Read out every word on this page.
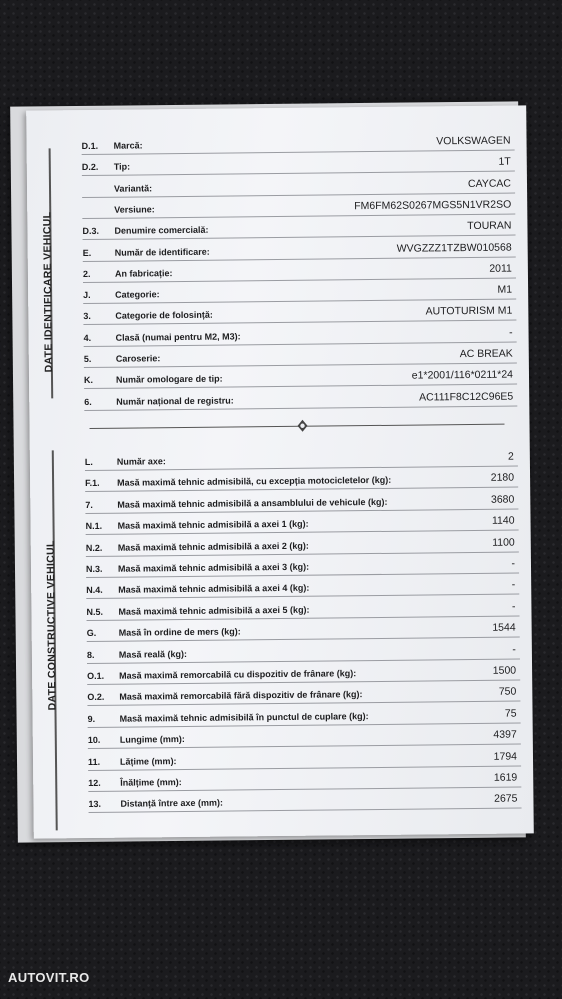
DATE IDENTIFICARE VEHICUL
D.1. Marcă:	VOLKSWAGEN
D.2. Tip:	1T
Variantă:	CAYCAC
Versiune:	FM6FM62S0267MGS5N1VR2SO
D.3. Denumire comercială:	TOURAN
E.	Număr de identificare:	WVGZZZ1TZBW010568
2.	An fabricație:	2011
J.	Categorie:	M1
3.	Categorie de folosință:	AUTOTURISM M1
4.	Clasă (numai pentru M2, M3):	-
5.	Caroserie:	AC BREAK
K.	Număr omologare de tip:	e1*2001/116*0211*24
6.	Număr național de registru:	AC111F8C12C96E5
DATE CONSTRUCTIVE VEHICUL
L.	Număr axe:	2
F.1. Masă maximă tehnic admisibilă, cu excepția motocicletelor (kg):	2180
7.	Masă maximă tehnic admisibilă a ansamblului de vehicule (kg):	3680
N.1. Masă maximă tehnic admisibilă a axei 1 (kg):	1140
N.2. Masă maximă tehnic admisibilă a axei 2 (kg):	1100
N.3. Masă maximă tehnic admisibilă a axei 3 (kg):	-
N.4. Masă maximă tehnic admisibilă a axei 4 (kg):	-
N.5. Masă maximă tehnic admisibilă a axei 5 (kg):	-
G. Masă în ordine de mers (kg):	1544
8.	Masă reală (kg):	-
O.1. Masă maximă remorcabilă cu dispozitiv de frânare (kg):	1500
O.2. Masă maximă remorcabilă fără dispozitiv de frânare (kg):	750
9.	Masă maximă tehnic admisibilă în punctul de cuplare (kg):	75
10. Lungime (mm):	4397
11. Lățime (mm):	1794
12. Înălțime (mm):	1619
13. Distanță între axe (mm):	2675
AUTOVIT.RO
